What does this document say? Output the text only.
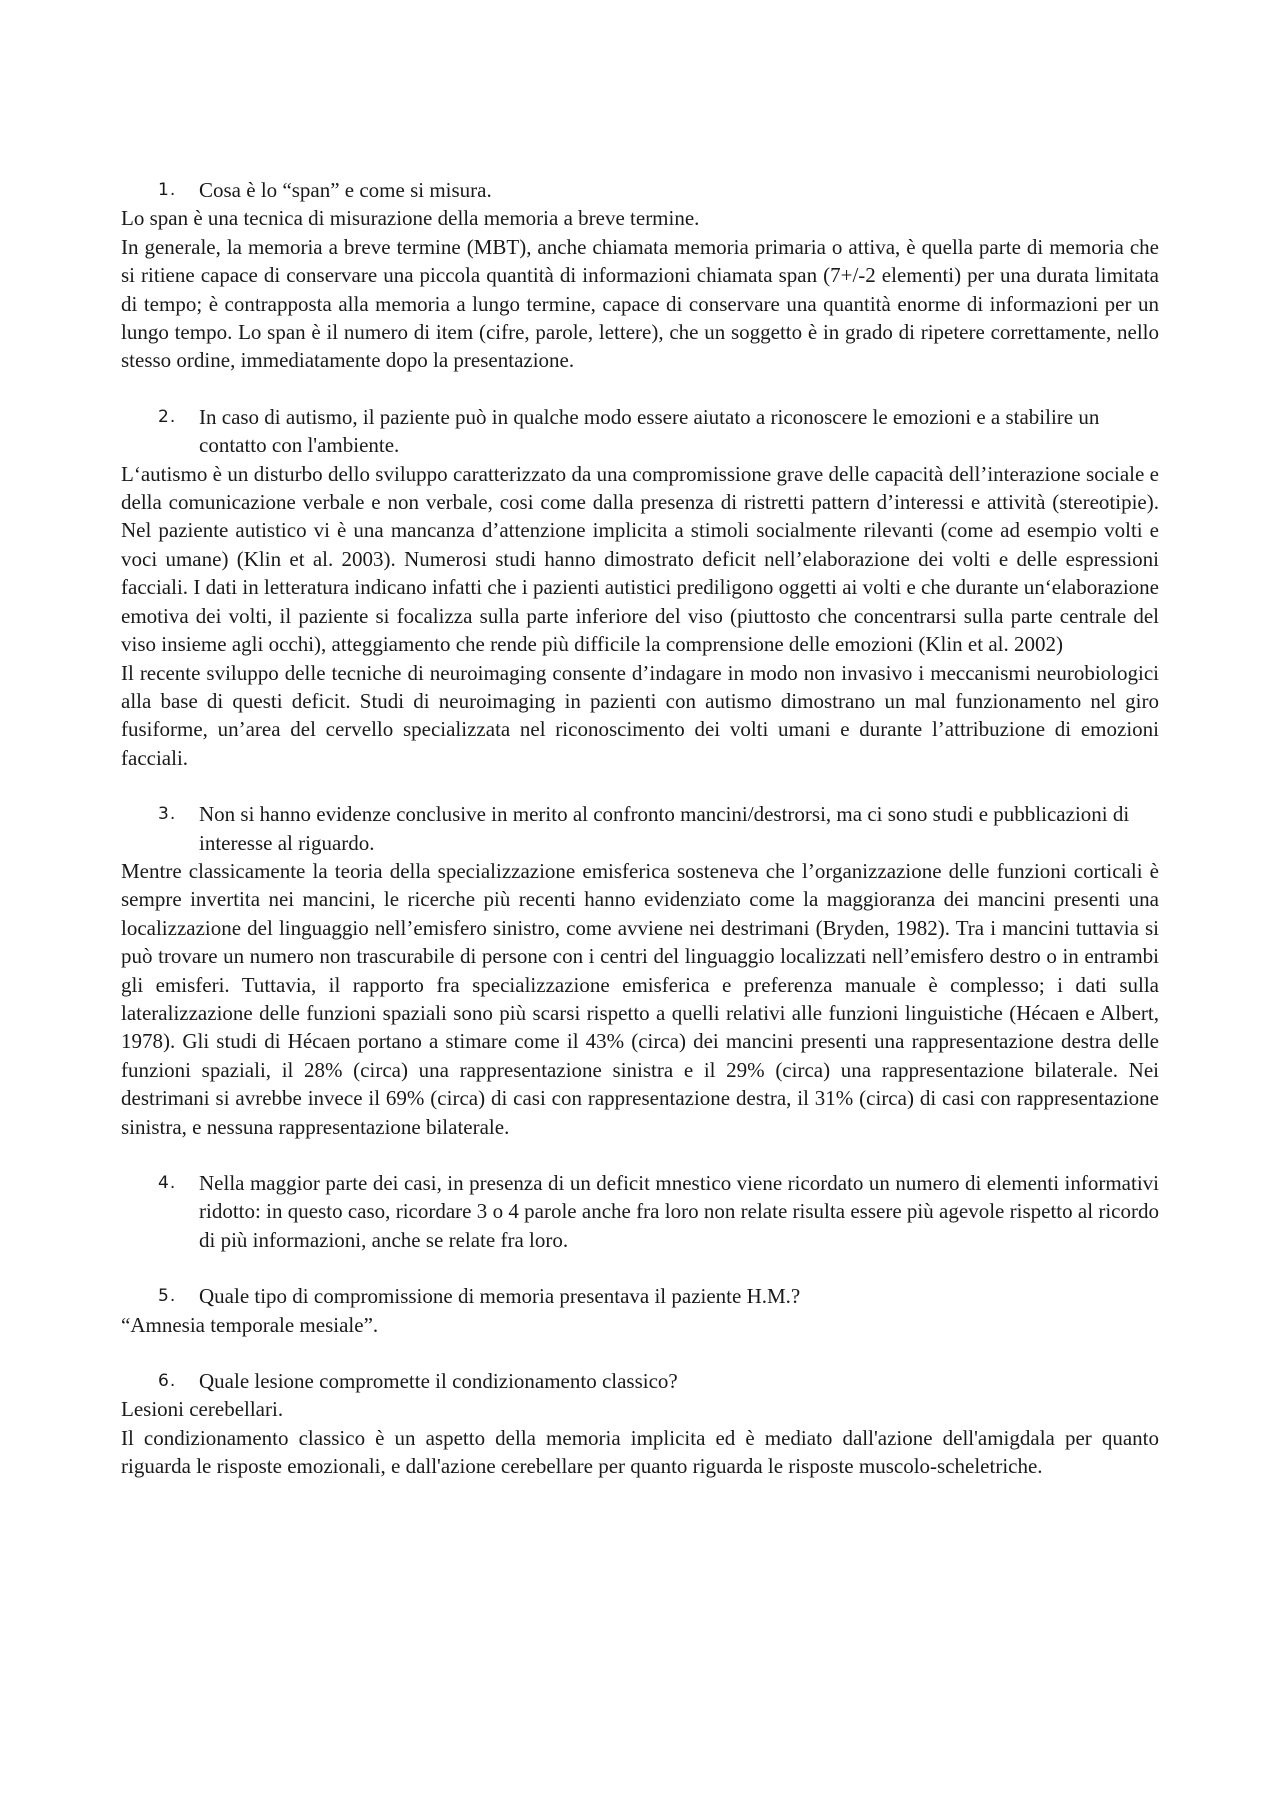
1.	Cosa è lo “span” e come si misura.

Lo span è una tecnica di misurazione della memoria a breve termine.

In generale, la memoria a breve termine (MBT), anche chiamata memoria primaria o attiva, è quella parte di memoria che si ritiene capace di conservare una piccola quantità di informazioni chiamata span (7+/-2 elementi) per una durata limitata di tempo; è contrapposta alla memoria a lungo termine, capace di conservare una quantità enorme di informazioni per un lungo tempo. Lo span è il numero di item (cifre, parole, lettere), che un soggetto è in grado di ripetere correttamente, nello stesso ordine, immediatamente dopo la presentazione.

2.	In caso di autismo, il paziente può in qualche modo essere aiutato a riconoscere le emozioni e a stabilire un contatto con l'ambiente.

L‘autismo è un disturbo dello sviluppo caratterizzato da una compromissione grave delle capacità dell’interazione sociale e della comunicazione verbale e non verbale, cosi come dalla presenza di ristretti pattern d’interessi e attività (stereotipie). Nel paziente autistico vi è una mancanza d’attenzione implicita a stimoli socialmente rilevanti (come ad esempio volti e voci umane) (Klin et al. 2003). Numerosi studi hanno dimostrato deficit nell’elaborazione dei volti e delle espressioni facciali. I dati in letteratura indicano infatti che i pazienti autistici prediligono oggetti ai volti e che durante un‘elaborazione emotiva dei volti, il paziente si focalizza sulla parte inferiore del viso (piuttosto che concentrarsi sulla parte centrale del viso insieme agli occhi), atteggiamento che rende più difficile la comprensione delle emozioni (Klin et al. 2002)

Il recente sviluppo delle tecniche di neuroimaging consente d’indagare in modo non invasivo i meccanismi neurobiologici alla base di questi deficit. Studi di neuroimaging in pazienti con autismo dimostrano un mal funzionamento nel giro fusiforme, un’area del cervello specializzata nel riconoscimento dei volti umani e durante l’attribuzione di emozioni facciali.

3.	Non si hanno evidenze conclusive in merito al confronto mancini/destrorsi, ma ci sono studi e pubblicazioni di interesse al riguardo.

Mentre classicamente la teoria della specializzazione emisferica sosteneva che l’organizzazione delle funzioni corticali è sempre invertita nei mancini, le ricerche più recenti hanno evidenziato come la maggioranza dei mancini presenti una localizzazione del linguaggio nell’emisfero sinistro, come avviene nei destrimani (Bryden, 1982). Tra i mancini tuttavia si può trovare un numero non trascurabile di persone con i centri del linguaggio localizzati nell’emisfero destro o in entrambi gli emisferi. Tuttavia, il rapporto fra specializzazione emisferica e preferenza manuale è complesso; i dati sulla lateralizzazione delle funzioni spaziali sono più scarsi rispetto a quelli relativi alle funzioni linguistiche (Hécaen e Albert, 1978). Gli studi di Hécaen portano a stimare come il 43% (circa) dei mancini presenti una rappresentazione destra delle funzioni spaziali, il 28% (circa) una rappresentazione sinistra e il 29% (circa) una rappresentazione bilaterale. Nei destrimani si avrebbe invece il 69% (circa) di casi con rappresentazione destra, il 31% (circa) di casi con rappresentazione sinistra, e nessuna rappresentazione bilaterale.

4.	Nella maggior parte dei casi, in presenza di un deficit mnestico viene ricordato un numero di elementi informativi ridotto: in questo caso, ricordare 3 o 4 parole anche fra loro non relate risulta essere più agevole rispetto al ricordo di più informazioni, anche se relate fra loro.
5.	Quale tipo di compromissione di memoria presentava il paziente H.M.?

“Amnesia temporale mesiale”.

6.	Quale lesione compromette il condizionamento classico?

Lesioni cerebellari.

Il condizionamento classico è un aspetto della memoria implicita ed è mediato dall'azione dell'amigdala per quanto riguarda le risposte emozionali, e dall'azione cerebellare per quanto riguarda le risposte muscolo-scheletriche.
